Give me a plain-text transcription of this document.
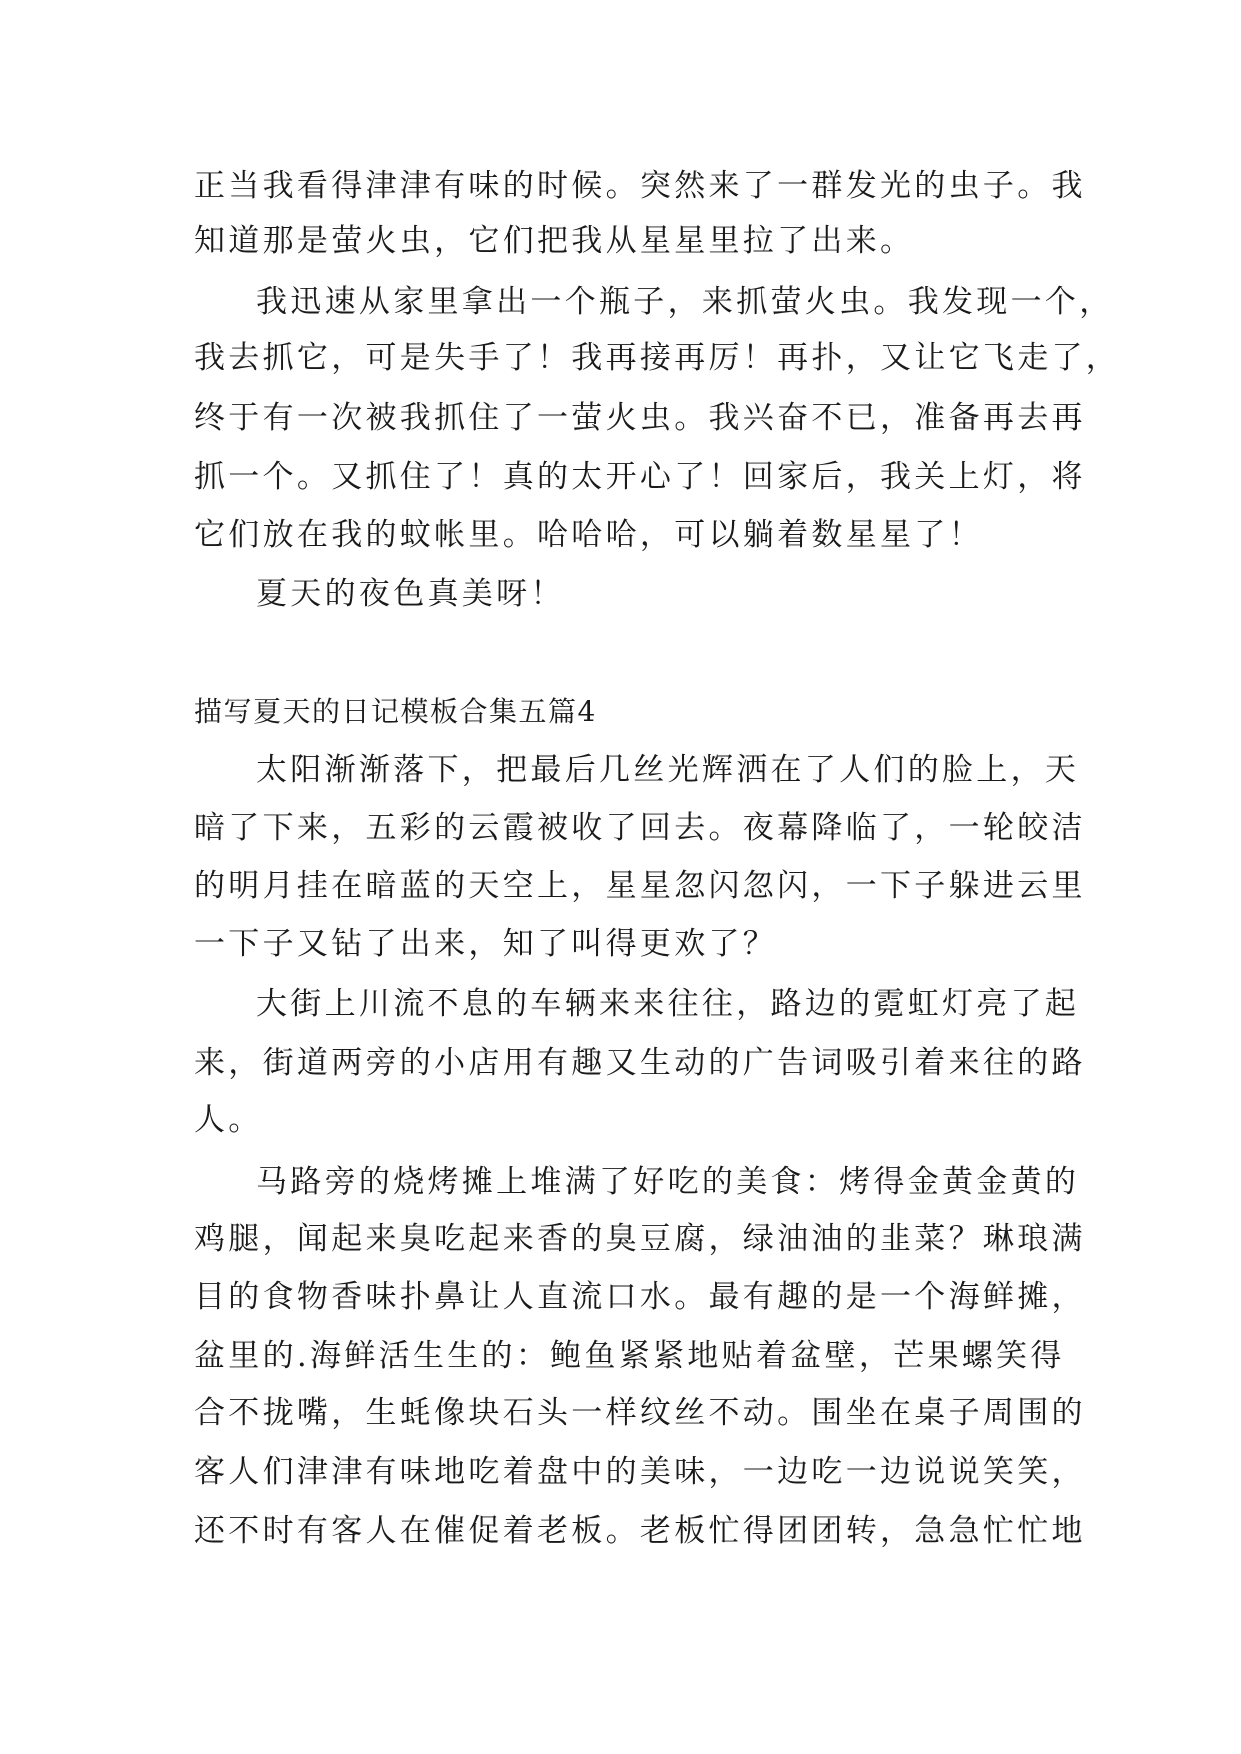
正当我看得津津有味的时候。突然来了一群发光的虫子。我
知道那是萤火虫，它们把我从星星里拉了出来。
我迅速从家里拿出一个瓶子，来抓萤火虫。我发现一个，
我去抓它，可是失手了！我再接再厉！再扑，又让它飞走了，
终于有一次被我抓住了一萤火虫。我兴奋不已，准备再去再
抓一个。又抓住了！真的太开心了！回家后，我关上灯，将
它们放在我的蚊帐里。哈哈哈，可以躺着数星星了！
夏天的夜色真美呀！
描写夏天的日记模板合集五篇4
太阳渐渐落下，把最后几丝光辉洒在了人们的脸上，天
暗了下来，五彩的云霞被收了回去。夜幕降临了，一轮皎洁
的明月挂在暗蓝的天空上，星星忽闪忽闪，一下子躲进云里
一下子又钻了出来，知了叫得更欢了？
大街上川流不息的车辆来来往往，路边的霓虹灯亮了起
来，街道两旁的小店用有趣又生动的广告词吸引着来往的路
人。
马路旁的烧烤摊上堆满了好吃的美食：烤得金黄金黄的
鸡腿，闻起来臭吃起来香的臭豆腐，绿油油的韭菜？琳琅满
目的食物香味扑鼻让人直流口水。最有趣的是一个海鲜摊，
盆里的.海鲜活生生的：鲍鱼紧紧地贴着盆壁，芒果螺笑得
合不拢嘴，生蚝像块石头一样纹丝不动。围坐在桌子周围的
客人们津津有味地吃着盘中的美味，一边吃一边说说笑笑，
还不时有客人在催促着老板。老板忙得团团转，急急忙忙地
